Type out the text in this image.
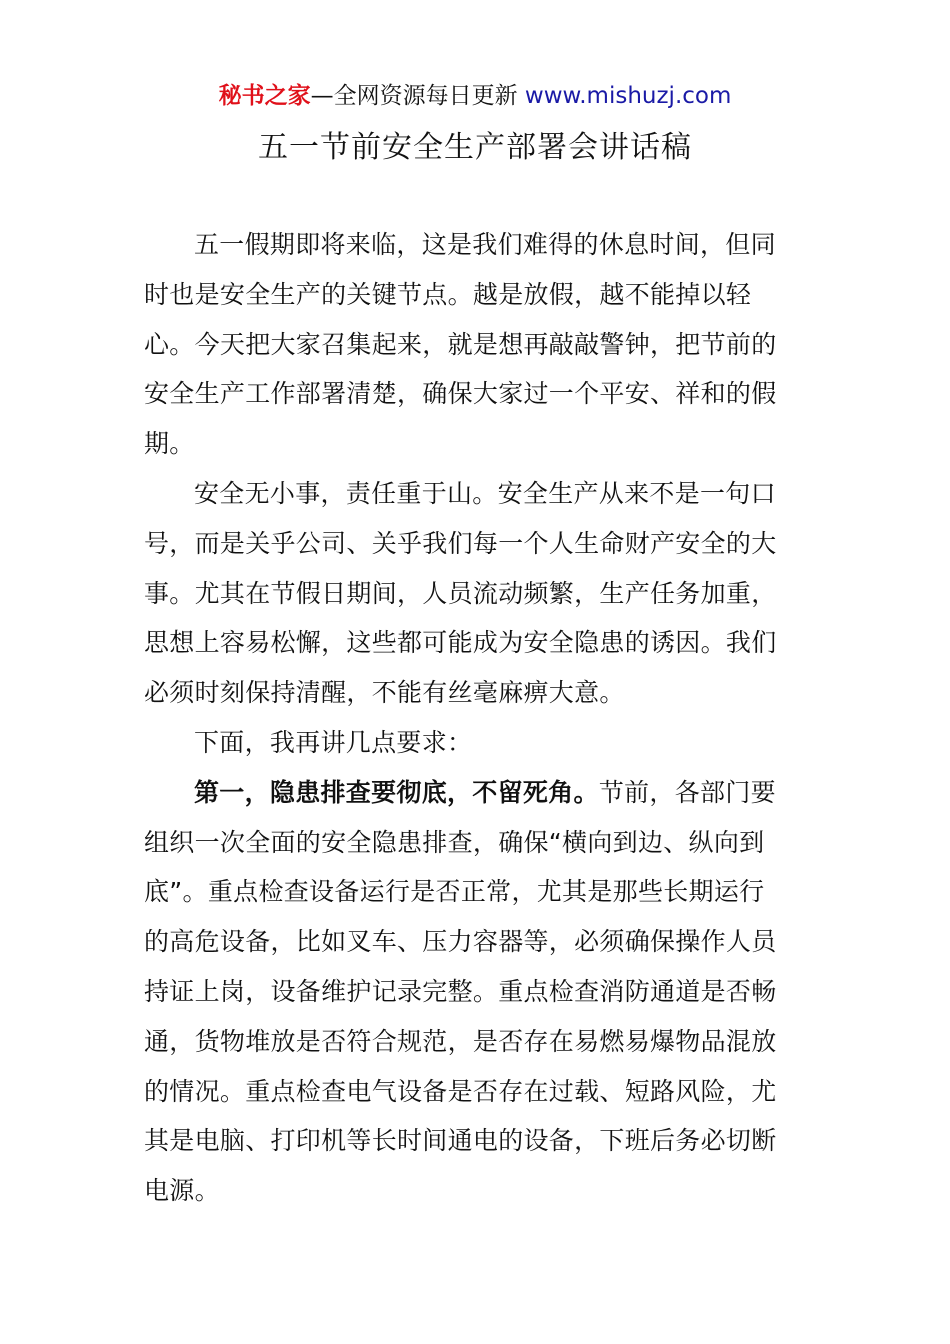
秘书之家—全网资源每日更新 www.mishuzj.com
五一节前安全生产部署会讲话稿

五一假期即将来临，这是我们难得的休息时间，但同
时也是安全生产的关键节点。越是放假，越不能掉以轻
心。今天把大家召集起来，就是想再敲敲警钟，把节前的
安全生产工作部署清楚，确保大家过一个平安、祥和的假
期。

安全无小事，责任重于山。安全生产从来不是一句口
号，而是关乎公司、关乎我们每一个人生命财产安全的大
事。尤其在节假日期间，人员流动频繁，生产任务加重，
思想上容易松懈，这些都可能成为安全隐患的诱因。我们
必须时刻保持清醒，不能有丝毫麻痹大意。

下面，我再讲几点要求：

第一，隐患排查要彻底，不留死角。节前，各部门要
组织一次全面的安全隐患排查，确保“横向到边、纵向到
底”。重点检查设备运行是否正常，尤其是那些长期运行
的高危设备，比如叉车、压力容器等，必须确保操作人员
持证上岗，设备维护记录完整。重点检查消防通道是否畅
通，货物堆放是否符合规范，是否存在易燃易爆物品混放
的情况。重点检查电气设备是否存在过载、短路风险，尤
其是电脑、打印机等长时间通电的设备，下班后务必切断
电源。
